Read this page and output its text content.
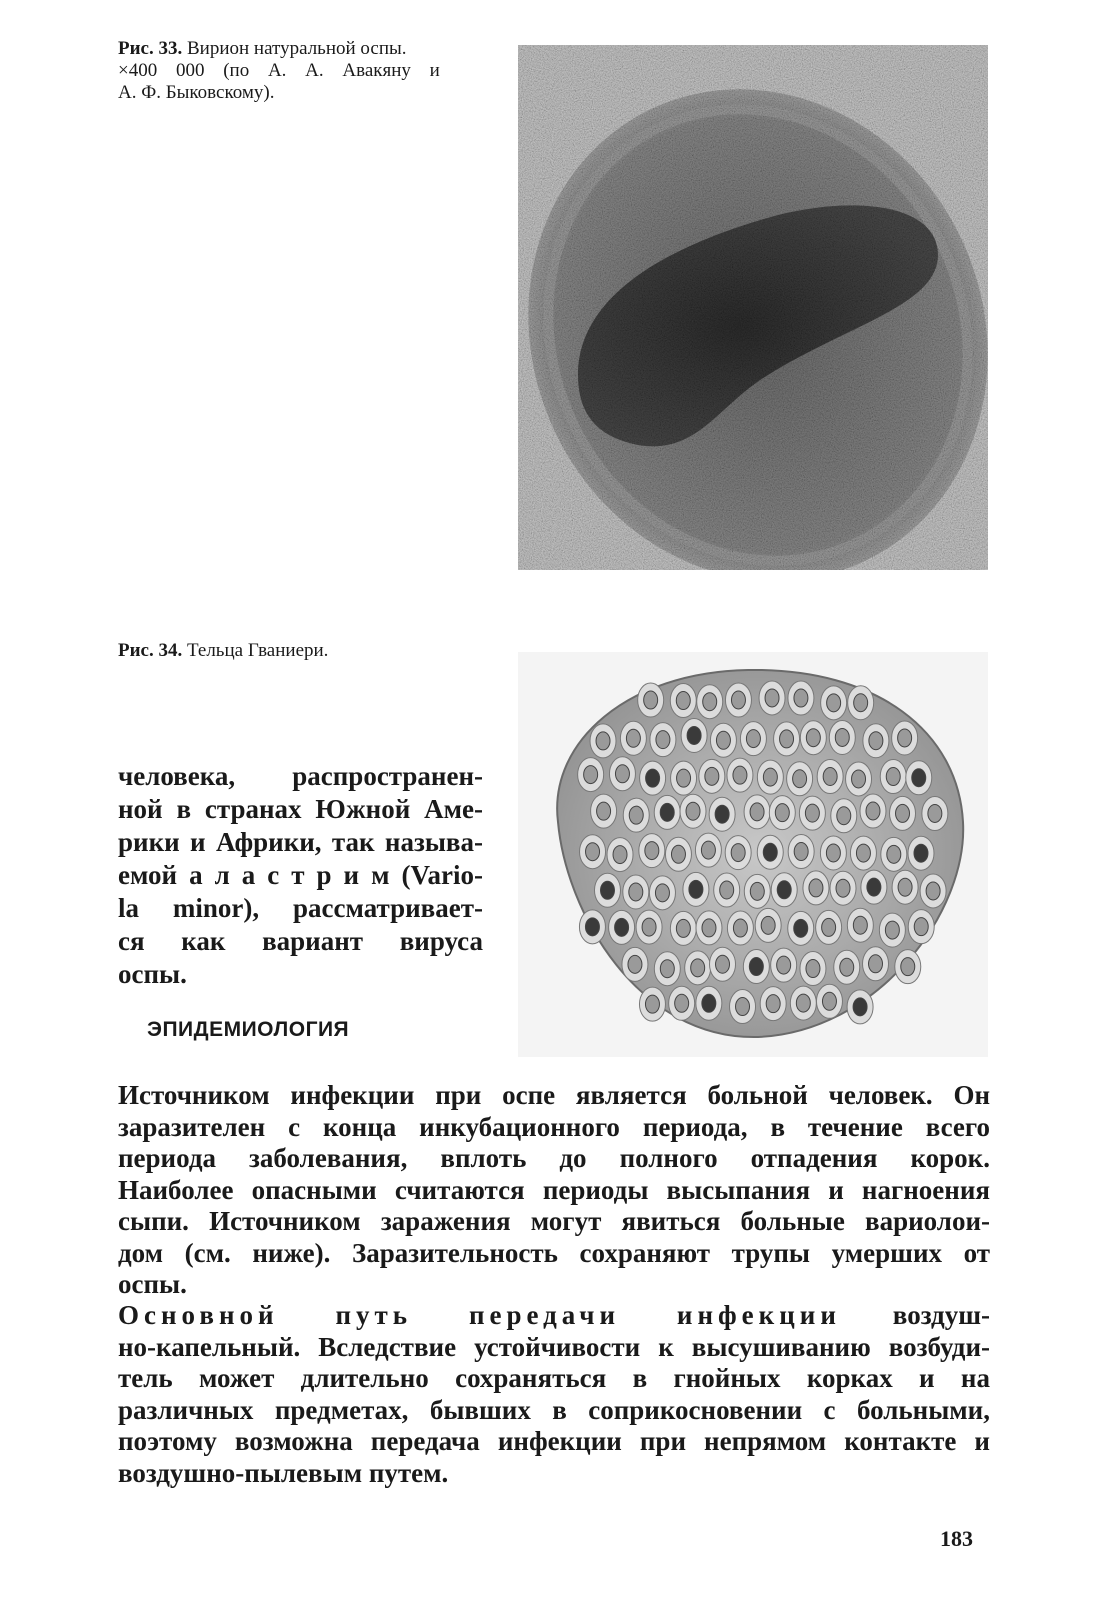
Рис. 33. Вирион натуральной оспы.
×400 000 (по А. А. Авакяну и
А. Ф. Быковскому).
Рис. 34. Тельца Гваниери.
человека, распространен-
ной в странах Южной Аме-
рики и Африки, так называ-
емой а л а с т р и м (Vario-
la minor), рассматривает-
ся как вариант вируса
оспы.
ЭПИДЕМИОЛОГИЯ
Источником инфекции при оспе является больной человек. Он
заразителен с конца инкубационного периода, в течение всего
периода заболевания, вплоть до полного отпадения корок.
Наиболее опасными считаются периоды высыпания и нагноения
сыпи. Источником заражения могут явиться больные вариолои-
дом (см. ниже). Заразительность сохраняют трупы умерших от
оспы.
Основной путь передачи инфекции воздуш-
но-капельный. Вследствие устойчивости к высушиванию возбуди-
тель может длительно сохраняться в гнойных корках и на
различных предметах, бывших в соприкосновении с больными,
поэтому возможна передача инфекции при непрямом контакте и
воздушно-пылевым путем.
183
